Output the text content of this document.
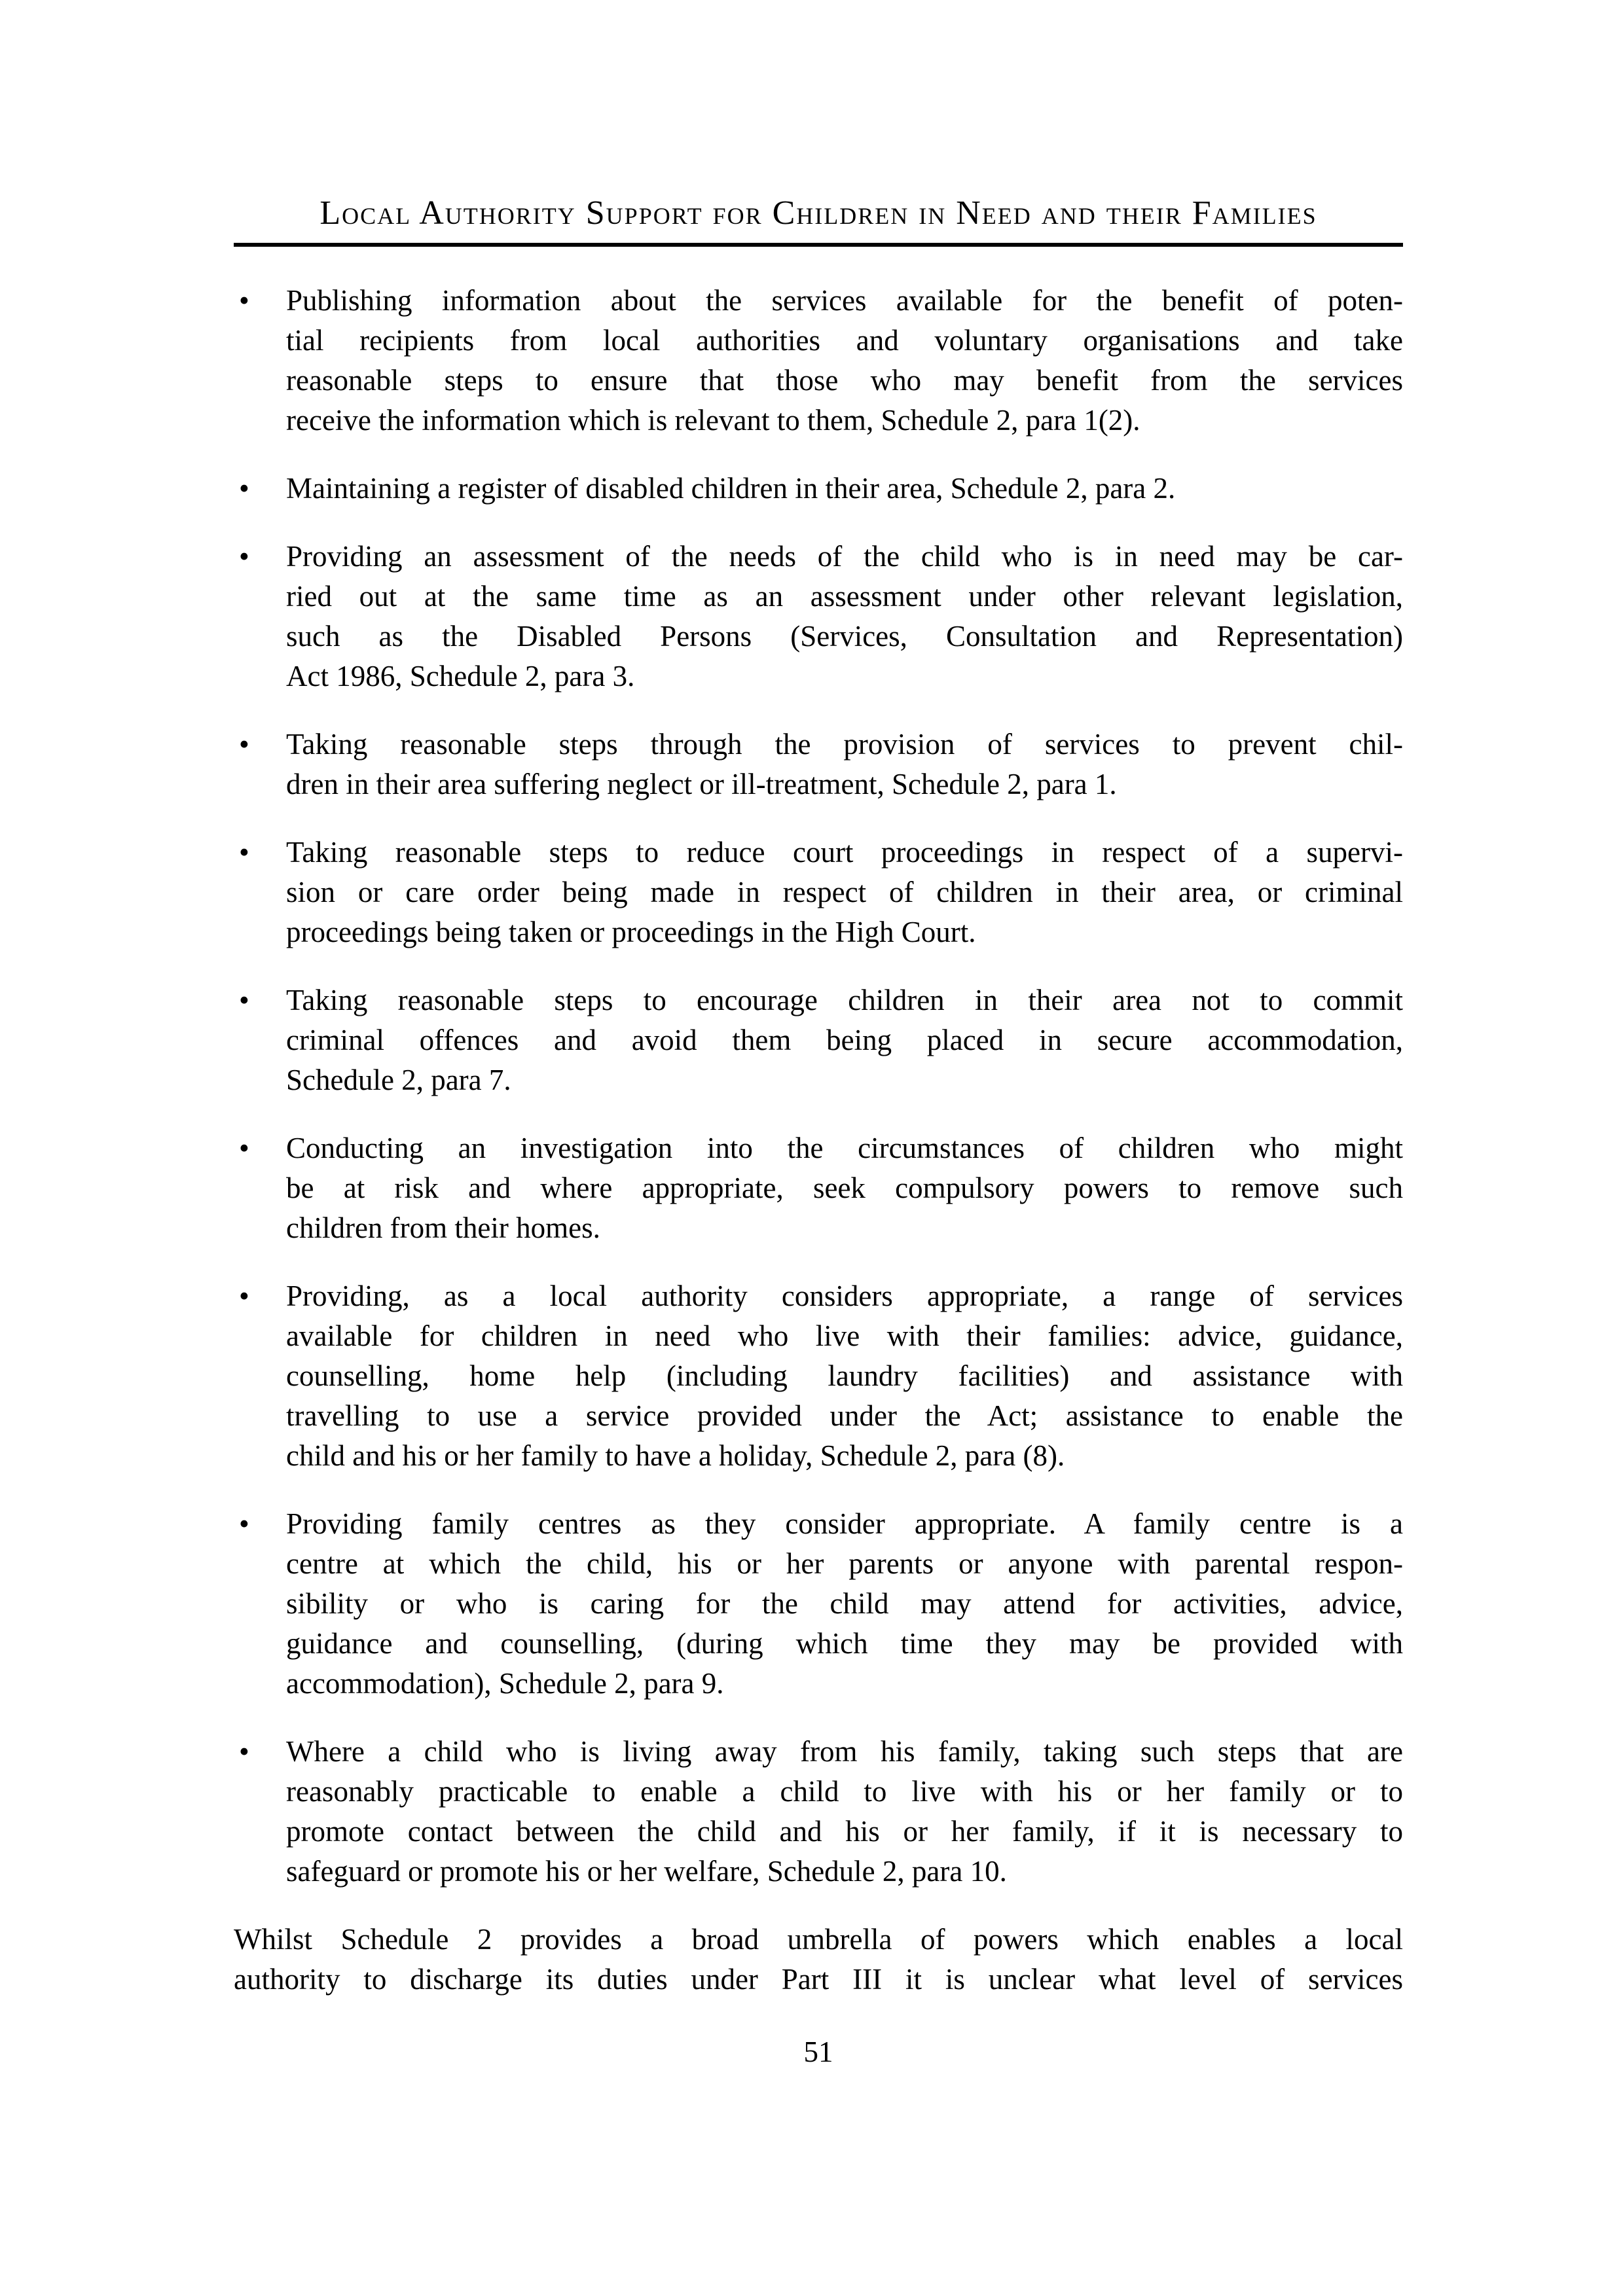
Local Authority Support for Children in Need and their Families
• Publishing information about the services available for the benefit of poten-
tial recipients from local authorities and voluntary organisations and take
reasonable steps to ensure that those who may benefit from the services
receive the information which is relevant to them, Schedule 2, para 1(2).
• Maintaining a register of disabled children in their area, Schedule 2, para 2.
• Providing an assessment of the needs of the child who is in need may be car-
ried out at the same time as an assessment under other relevant legislation,
such as the Disabled Persons (Services, Consultation and Representation)
Act 1986, Schedule 2, para 3.
• Taking reasonable steps through the provision of services to prevent chil-
dren in their area suffering neglect or ill-treatment, Schedule 2, para 1.
• Taking reasonable steps to reduce court proceedings in respect of a supervi-
sion or care order being made in respect of children in their area, or criminal
proceedings being taken or proceedings in the High Court.
• Taking reasonable steps to encourage children in their area not to commit
criminal offences and avoid them being placed in secure accommodation,
Schedule 2, para 7.
• Conducting an investigation into the circumstances of children who might
be at risk and where appropriate, seek compulsory powers to remove such
children from their homes.
• Providing, as a local authority considers appropriate, a range of services
available for children in need who live with their families: advice, guidance,
counselling, home help (including laundry facilities) and assistance with
travelling to use a service provided under the Act; assistance to enable the
child and his or her family to have a holiday, Schedule 2, para (8).
• Providing family centres as they consider appropriate. A family centre is a
centre at which the child, his or her parents or anyone with parental respon-
sibility or who is caring for the child may attend for activities, advice,
guidance and counselling, (during which time they may be provided with
accommodation), Schedule 2, para 9.
• Where a child who is living away from his family, taking such steps that are
reasonably practicable to enable a child to live with his or her family or to
promote contact between the child and his or her family, if it is necessary to
safeguard or promote his or her welfare, Schedule 2, para 10.
Whilst Schedule 2 provides a broad umbrella of powers which enables a local
authority to discharge its duties under Part III it is unclear what level of services
51
